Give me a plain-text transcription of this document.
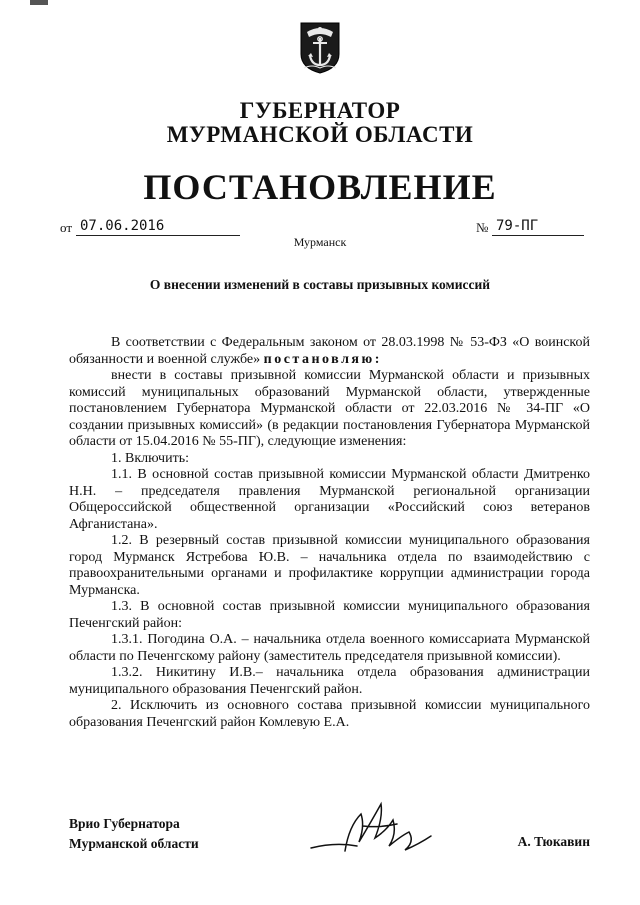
ГУБЕРНАТОР
МУРМАНСКОЙ ОБЛАСТИ
ПОСТАНОВЛЕНИЕ
от 07.06.2016	№ 79-ПГ
Мурманск
О внесении изменений в составы призывных комиссий

В соответствии с Федеральным законом от 28.03.1998 № 53-ФЗ «О воинской обязанности и военной службе» постановляю:

внести в составы призывной комиссии Мурманской области и призывных комиссий муниципальных образований Мурманской области, утвержденные постановлением Губернатора Мурманской области от 22.03.2016 № 34-ПГ «О создании призывных комиссий» (в редакции постановления Губернатора Мурманской области от 15.04.2016 № 55-ПГ), следующие изменения:

1. Включить:

1.1. В основной состав призывной комиссии Мурманской области Дмитренко Н.Н. – председателя правления Мурманской региональной организации Общероссийской общественной организации «Российский союз ветеранов Афганистана».

1.2. В резервный состав призывной комиссии муниципального образования город Мурманск Ястребова Ю.В. – начальника отдела по взаимодействию с правоохранительными органами и профилактике коррупции администрации города Мурманска.

1.3. В основной состав призывной комиссии муниципального образования Печенгский район:

1.3.1. Погодина О.А. – начальника отдела военного комиссариата Мурманской области по Печенгскому району (заместитель председателя призывной комиссии).

1.3.2. Никитину И.В.– начальника отдела образования администрации муниципального образования Печенгский район.

2. Исключить из основного состава призывной комиссии муниципального образования Печенгский район Комлевую Е.А.

Врио Губернатора
Мурманской области	А. Тюкавин
